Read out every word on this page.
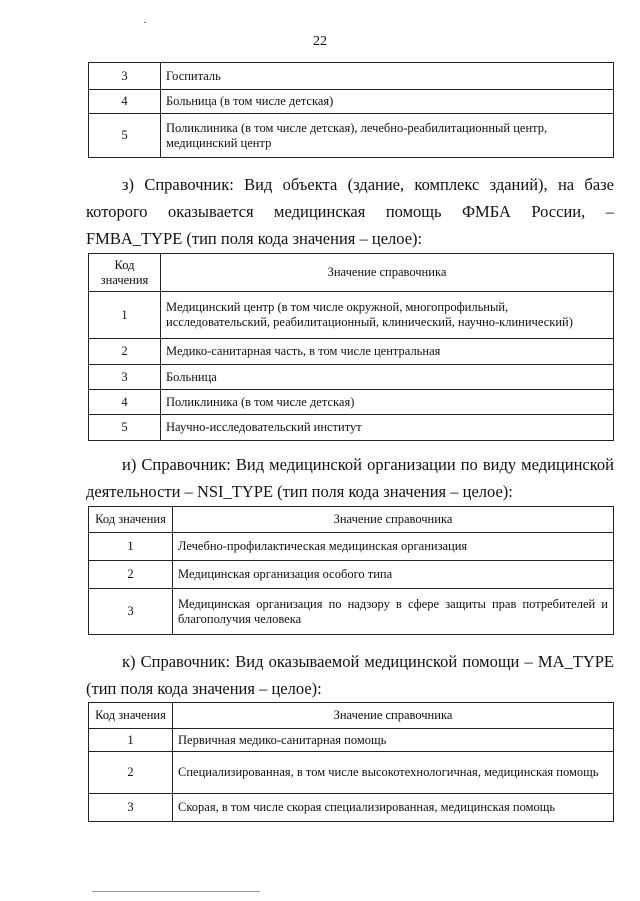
22
3	Госпиталь
4	Больница (в том числе детская)
5	Поликлиника (в том числе детская), лечебно-реабилитационный центр, медицинский центр
з) Справочник: Вид объекта (здание, комплекс зданий), на базе которого оказывается медицинская помощь ФМБА России, – FMBA_TYPE (тип поля кода значения – целое):
Код значения	Значение справочника
1	Медицинский центр (в том числе окружной, многопрофильный, исследовательский, реабилитационный, клинический, научно-клинический)
2	Медико-санитарная часть, в том числе центральная
3	Больница
4	Поликлиника (в том числе детская)
5	Научно-исследовательский институт
и) Справочник: Вид медицинской организации по виду медицинской деятельности – NSI_TYPE (тип поля кода значения – целое):
Код значения	Значение справочника
1	Лечебно-профилактическая медицинская организация
2	Медицинская организация особого типа
3	Медицинская организация по надзору в сфере защиты прав потребителей и благополучия человека
к) Справочник: Вид оказываемой медицинской помощи – MA_TYPE (тип поля кода значения – целое):
Код значения	Значение справочника
1	Первичная медико-санитарная помощь
2	Специализированная, в том числе высокотехнологичная, медицинская помощь
3	Скорая, в том числе скорая специализированная, медицинская помощь
